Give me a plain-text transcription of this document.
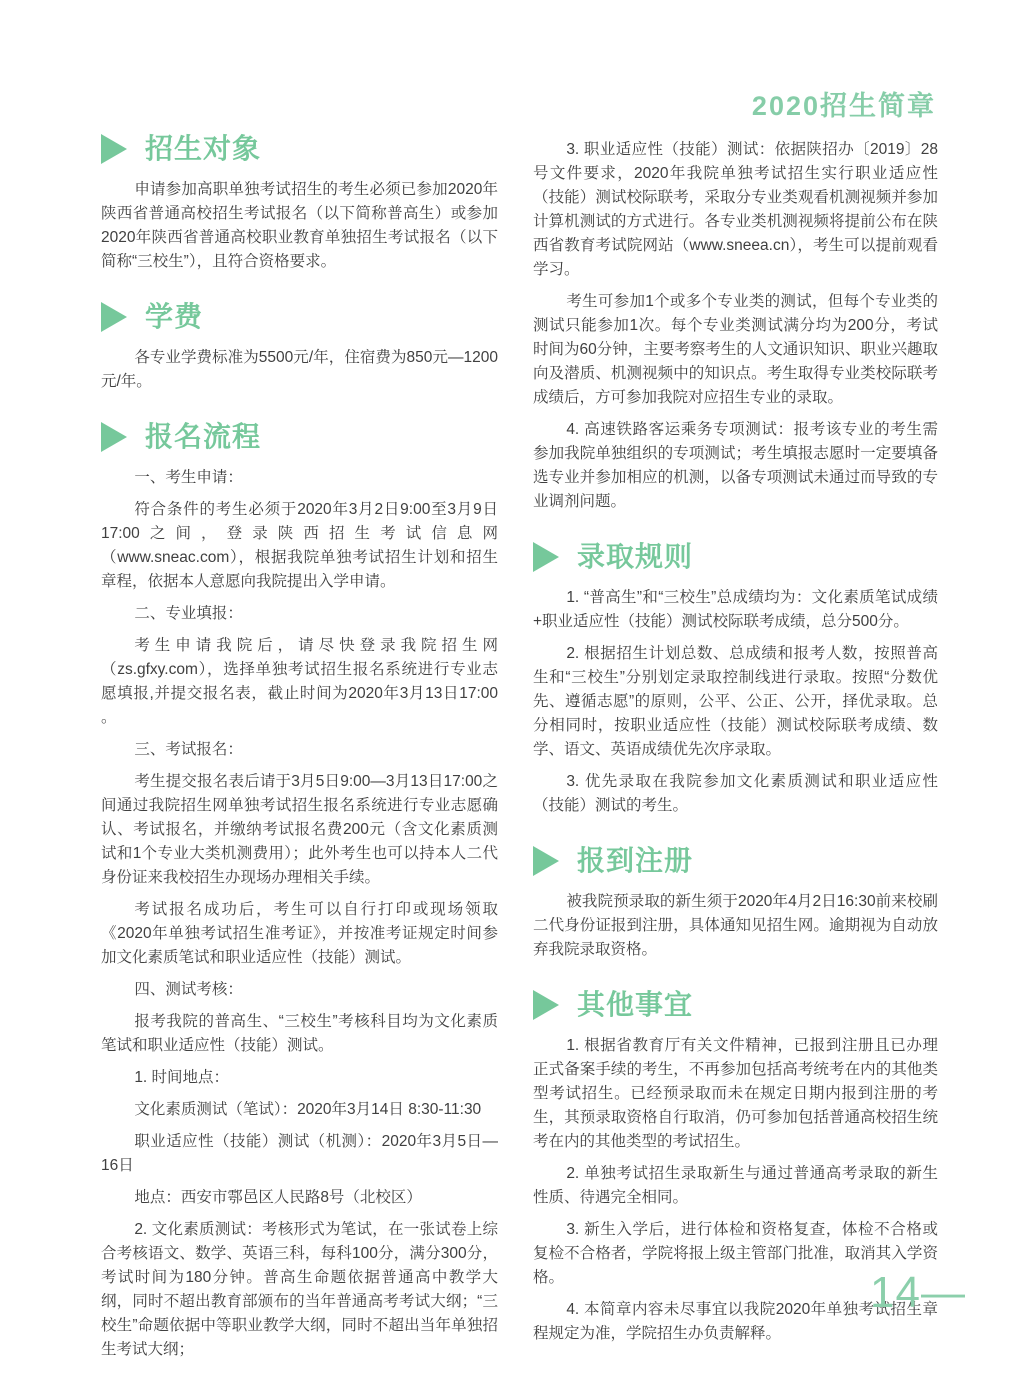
2020招生简章
招生对象

申请参加高职单独考试招生的考生必须已参加2020年陕西省普通高校招生考试报名（以下简称普高生）或参加2020年陕西省普通高校职业教育单独招生考试报名（以下简称“三校生”），且符合资格要求。

学费

各专业学费标准为5500元/年，住宿费为850元—1200元/年。

报名流程

一、考生申请：

符合条件的考生必须于2020年3月2日9:00至3月9日17:00之间，登录陕西招生考试信息网（www.sneac.com），根据我院单独考试招生计划和招生章程，依据本人意愿向我院提出入学申请。

二、专业填报：

考生申请我院后，请尽快登录我院招生网（zs.gfxy.com），选择单独考试招生报名系统进行专业志愿填报,并提交报名表，截止时间为2020年3月13日17:00 。

三、考试报名：

考生提交报名表后请于3月5日9:00—3月13日17:00之间通过我院招生网单独考试招生报名系统进行专业志愿确认、考试报名，并缴纳考试报名费200元（含文化素质测试和1个专业大类机测费用）；此外考生也可以持本人二代身份证来我校招生办现场办理相关手续。

考试报名成功后，考生可以自行打印或现场领取《2020年单独考试招生准考证》，并按准考证规定时间参加文化素质笔试和职业适应性（技能）测试。

四、测试考核：

报考我院的普高生、“三校生”考核科目均为文化素质笔试和职业适应性（技能）测试。

1. 时间地点：

文化素质测试（笔试）：2020年3月14日 8:30-11:30

职业适应性（技能）测试（机测）：2020年3月5日—16日

地点：西安市鄠邑区人民路8号（北校区）

2. 文化素质测试：考核形式为笔试，在一张试卷上综合考核语文、数学、英语三科，每科100分，满分300分，考试时间为180分钟。普高生命题依据普通高中教学大纲，同时不超出教育部颁布的当年普通高考考试大纲；“三校生”命题依据中等职业教学大纲，同时不超出当年单独招生考试大纲；

3. 职业适应性（技能）测试：依据陕招办〔2019〕28号文件要求，2020年我院单独考试招生实行职业适应性（技能）测试校际联考，采取分专业类观看机测视频并参加计算机测试的方式进行。各专业类机测视频将提前公布在陕西省教育考试院网站（www.sneea.cn），考生可以提前观看学习。

考生可参加1个或多个专业类的测试，但每个专业类的测试只能参加1次。每个专业类测试满分均为200分，考试时间为60分钟，主要考察考生的人文通识知识、职业兴趣取向及潜质、机测视频中的知识点。考生取得专业类校际联考成绩后，方可参加我院对应招生专业的录取。

4. 高速铁路客运乘务专项测试：报考该专业的考生需参加我院单独组织的专项测试；考生填报志愿时一定要填备选专业并参加相应的机测，以备专项测试未通过而导致的专业调剂问题。

录取规则

1. “普高生”和“三校生”总成绩均为：文化素质笔试成绩+职业适应性（技能）测试校际联考成绩，总分500分。

2. 根据招生计划总数、总成绩和报考人数，按照普高生和“三校生”分别划定录取控制线进行录取。按照“分数优先、遵循志愿”的原则，公平、公正、公开，择优录取。总分相同时，按职业适应性（技能）测试校际联考成绩、数学、语文、英语成绩优先次序录取。

3. 优先录取在我院参加文化素质测试和职业适应性（技能）测试的考生。

报到注册

被我院预录取的新生须于2020年4月2日16:30前来校刷二代身份证报到注册，具体通知见招生网。逾期视为自动放弃我院录取资格。

其他事宜

1. 根据省教育厅有关文件精神，已报到注册且已办理正式备案手续的考生，不再参加包括高考统考在内的其他类型考试招生。已经预录取而未在规定日期内报到注册的考生，其预录取资格自行取消，仍可参加包括普通高校招生统考在内的其他类型的考试招生。

2. 单独考试招生录取新生与通过普通高考录取的新生性质、待遇完全相同。

3. 新生入学后，进行体检和资格复查，体检不合格或复检不合格者，学院将报上级主管部门批准，取消其入学资格。

4. 本简章内容未尽事宜以我院2020年单独考试招生章程规定为准，学院招生办负责解释。

14—
